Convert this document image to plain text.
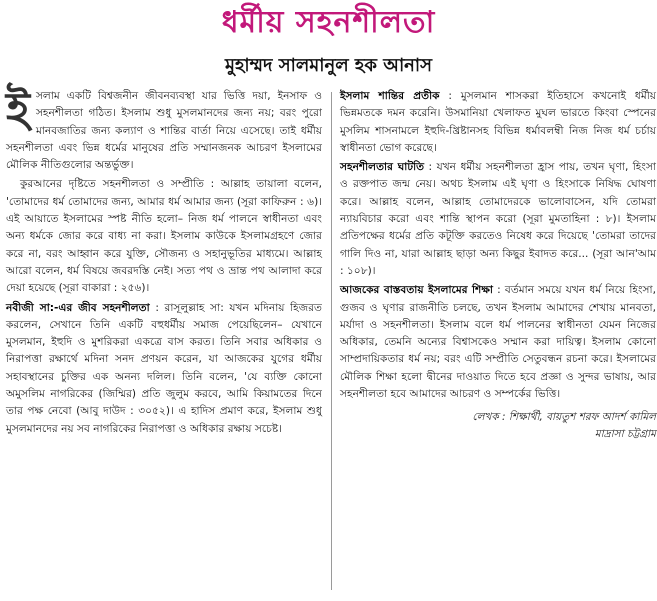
ধর্মীয় সহনশীলতা
মুহাম্মদ সালমানুল হক আনাস

ইসলাম একটি বিশ্বজনীন জীবনব্যবস্থা যার ভিত্তি দয়া, ইনসাফ ও সহনশীলতা গঠিত। ইসলাম শুধু মুসলমানদের জন্য নয়; বরং পুরো মানবজাতির জন্য কল্যাণ ও শান্তির বার্তা নিয়ে এসেছে। তাই ধর্মীয় সহনশীলতা এবং ভিন্ন ধর্মের মানুষের প্রতি সম্মানজনক আচরণ ইসলামের মৌলিক নীতিগুলোর অন্তর্ভুক্ত।

কুরআনের দৃষ্টিতে সহনশীলতা ও সম্প্রীতি : আল্লাহ তায়ালা বলেন, 'তোমাদের ধর্ম তোমাদের জন্য, আমার ধর্ম আমার জন্য (সূরা কাফিরুন : ৬)। এই আয়াতে ইসলামের স্পষ্ট নীতি হলো– নিজ ধর্ম পালনে স্বাধীনতা এবং অন্য ধর্মকে জোর করে বাধ্য না করা। ইসলাম কাউকে ইসলামগ্রহণে জোর করে না, বরং আহ্বান করে যুক্তি, সৌজন্য ও সহানুভূতির মাধ্যমে। আল্লাহ আরো বলেন, ধর্ম বিষয়ে জবরদস্তি নেই। সত্য পথ ও ভ্রান্ত পথ আলাদা করে দেয়া হয়েছে (সূরা বাকারা : ২৫৬)।

নবীজী সা:-এর জীব সহনশীলতা : রাসূলুল্লাহ সা: যখন মদিনায় হিজরত করলেন, সেখানে তিনি একটি বহুধর্মীয় সমাজ পেয়েছিলেন– যেখানে মুসলমান, ইহুদি ও মুশরিকরা একত্রে বাস করত। তিনি সবার অধিকার ও নিরাপত্তা রক্ষার্থে মদিনা সনদ প্রণয়ন করেন, যা আজকের যুগের ধর্মীয় সহাবস্থানের চুক্তির এক অনন্য দলিল। তিনি বলেন, 'যে ব্যক্তি কোনো অমুসলিম নাগরিকের (জিম্মির) প্রতি জুলুম করবে, আমি কিয়ামতের দিনে তার পক্ষ নেবো (আবু দাউদ : ৩০৫২)। এ হাদিস প্রমাণ করে, ইসলাম শুধু মুসলমানদের নয় সব নাগরিকের নিরাপত্তা ও অধিকার রক্ষায় সচেষ্ট।

ইসলাম শান্তির প্রতীক : মুসলমান শাসকরা ইতিহাসে কখনোই ধর্মীয় ভিন্নমতকে দমন করেনি। উসমানিয়া খেলাফত মুঘল ভারতে কিংবা স্পেনের মুসলিম শাসনামলে ইহুদি-খ্রিষ্টানসহ বিভিন্ন ধর্মাবলম্বী নিজ নিজ ধর্ম চর্চায় স্বাধীনতা ভোগ করেছে।

সহনশীলতার ঘাটতি : যখন ধর্মীয় সহনশীলতা হ্রাস পায়, তখন ঘৃণা, হিংসা ও রক্তপাত জন্ম নেয়। অথচ ইসলাম এই ঘৃণা ও হিংসাকে নিষিদ্ধ ঘোষণা করে। আল্লাহ বলেন, আল্লাহ তোমাদেরকে ভালোবাসেন, যদি তোমরা ন্যায়বিচার করো এবং শান্তি স্থাপন করো (সূরা মুমতাহিনা : ৮)। ইসলাম প্রতিপক্ষের ধর্মের প্রতি কটূক্তি করতেও নিষেধ করে দিয়েছে 'তোমরা তাদের গালি দিও না, যারা আল্লাহ ছাড়া অন্য কিছুর ইবাদত করে... (সূরা আন'আম : ১০৮)।

আজকের বাস্তবতায় ইসলামের শিক্ষা : বর্তমান সময়ে যখন ধর্ম নিয়ে হিংসা, গুজব ও ঘৃণার রাজনীতি চলছে, তখন ইসলাম আমাদের শেখায় মানবতা, মর্যাদা ও সহনশীলতা। ইসলাম বলে ধর্ম পালনের স্বাধীনতা যেমন নিজের অধিকার, তেমনি অন্যের বিশ্বাসকেও সম্মান করা দায়িত্ব। ইসলাম কোনো সাম্প্রদায়িকতার ধর্ম নয়; বরং এটি সম্প্রীতি সেতুবন্ধন রচনা করে। ইসলামের মৌলিক শিক্ষা হলো দ্বীনের দাওয়াত দিতে হবে প্রজ্ঞা ও সুন্দর ভাষায়, আর সহনশীলতা হবে আমাদের আচরণ ও সম্পর্কের ভিত্তি।

লেখক : শিক্ষার্থী, বায়তুশ শরফ আদর্শ কামিল
মাদ্রাসা চট্টগ্রাম
